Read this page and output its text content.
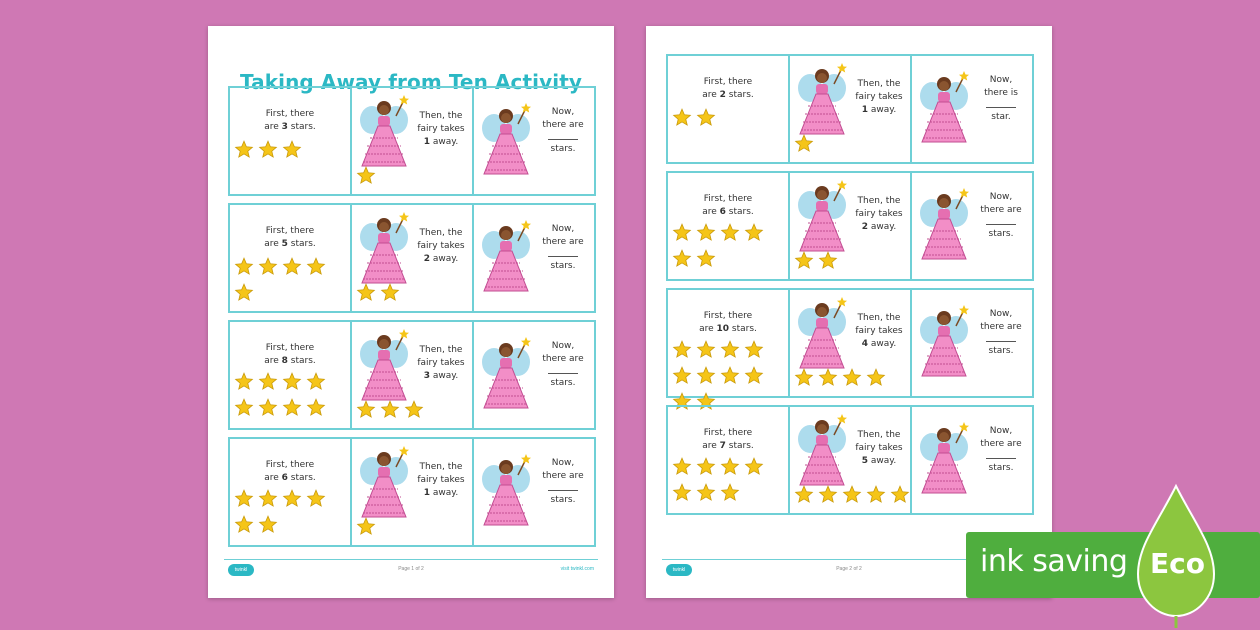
Taking Away from Ten Activity
First, there
are 3 stars.
Then, the
fairy takes
1 away.
Now,
there are
stars.
First, there
are 5 stars.
Then, the
fairy takes
2 away.
Now,
there are
stars.
First, there
are 8 stars.
Then, the
fairy takes
3 away.
Now,
there are
stars.
First, there
are 6 stars.
Then, the
fairy takes
1 away.
Now,
there are
stars.
twinkl	Page 1 of 2	visit twinkl.com
First, there
are 2 stars.
Then, the
fairy takes
1 away.
Now,
there is
star.
First, there
are 6 stars.
Then, the
fairy takes
2 away.
Now,
there are
stars.
First, there
are 10 stars.
Then, the
fairy takes
4 away.
Now,
there are
stars.
First, there
are 7 stars.
Then, the
fairy takes
5 away.
Now,
there are
stars.
twinkl	Page 2 of 2	ink saving Eco
